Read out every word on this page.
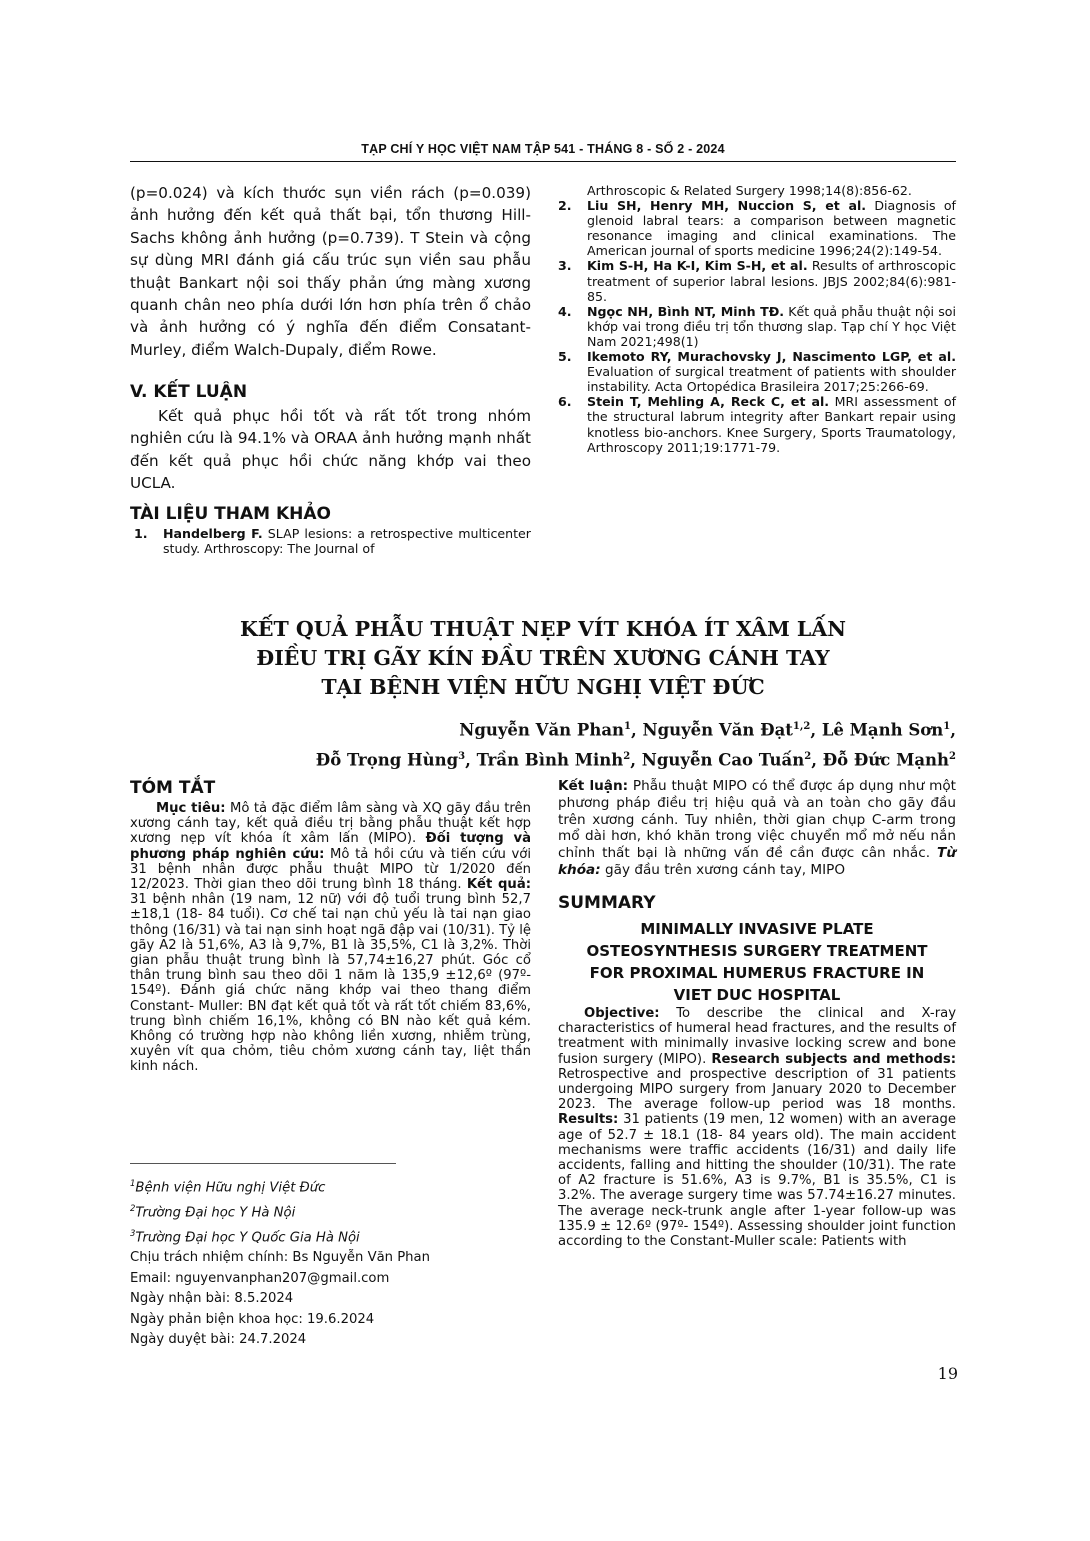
TẠP CHÍ Y HỌC VIỆT NAM TẬP 541 - THÁNG 8 - SỐ 2 - 2024

(p=0.024) và kích thước sụn viền rách (p=0.039) ảnh hưởng đến kết quả thất bại, tổn thương Hill-Sachs không ảnh hưởng (p=0.739). T Stein và cộng sự dùng MRI đánh giá cấu trúc sụn viền sau phẫu thuật Bankart nội soi thấy phản ứng màng xương quanh chân neo phía dưới lớn hơn phía trên ổ chảo và ảnh hưởng có ý nghĩa đến điểm Consatant-Murley, điểm Walch-Dupaly, điểm Rowe.

V. KẾT LUẬN

Kết quả phục hồi tốt và rất tốt trong nhóm nghiên cứu là 94.1% và ORAA ảnh hưởng mạnh nhất đến kết quả phục hồi chức năng khớp vai theo UCLA.

TÀI LIỆU THAM KHẢO
1. Handelberg F. SLAP lesions: a retrospective multicenter study. Arthroscopy: The Journal of
Arthroscopic & Related Surgery 1998;14(8):856-62.
2. Liu SH, Henry MH, Nuccion S, et al. Diagnosis of glenoid labral tears: a comparison between magnetic resonance imaging and clinical examinations. The American journal of sports medicine 1996;24(2):149-54.
3. Kim S-H, Ha K-I, Kim S-H, et al. Results of arthroscopic treatment of superior labral lesions. JBJS 2002;84(6):981-85.
4. Ngọc NH, Bình NT, Minh TĐ. Kết quả phẫu thuật nội soi khớp vai trong điều trị tổn thương slap. Tạp chí Y học Việt Nam 2021;498(1)
5. Ikemoto RY, Murachovsky J, Nascimento LGP, et al. Evaluation of surgical treatment of patients with shoulder instability. Acta Ortopédica Brasileira 2017;25:266-69.
6. Stein T, Mehling A, Reck C, et al. MRI assessment of the structural labrum integrity after Bankart repair using knotless bio-anchors. Knee Surgery, Sports Traumatology, Arthroscopy 2011;19:1771-79.
KẾT QUẢ PHẪU THUẬT NẸP VÍT KHÓA ÍT XÂM LẤN
ĐIỀU TRỊ GÃY KÍN ĐẦU TRÊN XƯƠNG CÁNH TAY
TẠI BỆNH VIỆN HỮU NGHỊ VIỆT ĐỨC
Nguyễn Văn Phan$^1$, Nguyễn Văn Đạt$^{1,2}$, Lê Mạnh Sơn$^1$,
Đỗ Trọng Hùng$^3$, Trần Bình Minh$^2$, Nguyễn Cao Tuấn$^2$, Đỗ Đức Mạnh$^2$
TÓM TẮT

Mục tiêu: Mô tả đặc điểm lâm sàng và XQ gãy đầu trên xương cánh tay, kết quả điều trị bằng phẫu thuật kết hợp xương nẹp vít khóa ít xâm lấn (MIPO). Đối tượng và phương pháp nghiên cứu: Mô tả hồi cứu và tiến cứu với 31 bệnh nhân được phẫu thuật MIPO từ 1/2020 đến 12/2023. Thời gian theo dõi trung bình 18 tháng. Kết quả: 31 bệnh nhân (19 nam, 12 nữ) với độ tuổi trung bình 52,7 ±18,1 (18- 84 tuổi). Cơ chế tai nạn chủ yếu là tai nạn giao thông (16/31) và tai nạn sinh hoạt ngã đập vai (10/31). Tỷ lệ gãy A2 là 51,6%, A3 là 9,7%, B1 là 35,5%, C1 là 3,2%. Thời gian phẫu thuật trung bình là 57,74±16,27 phút. Góc cổ thân trung bình sau theo dõi 1 năm là 135,9 ±12,6º (97º- 154º). Đánh giá chức năng khớp vai theo thang điểm Constant- Muller: BN đạt kết quả tốt và rất tốt chiếm 83,6%, trung bình chiếm 16,1%, không có BN nào kết quả kém. Không có trường hợp nào không liền xương, nhiễm trùng, xuyên vít qua chỏm, tiêu chỏm xương cánh tay, liệt thần kinh nách.

$^1$Bệnh viện Hữu nghị Việt Đức
$^2$Trường Đại học Y Hà Nội
$^3$Trường Đại học Y Quốc Gia Hà Nội
Chịu trách nhiệm chính: Bs Nguyễn Văn Phan
Email: nguyenvanphan207@gmail.com
Ngày nhận bài: 8.5.2024
Ngày phản biện khoa học: 19.6.2024
Ngày duyệt bài: 24.7.2024

Kết luận: Phẫu thuật MIPO có thể được áp dụng như một phương pháp điều trị hiệu quả và an toàn cho gãy đầu trên xương cánh. Tuy nhiên, thời gian chụp C-arm trong mổ dài hơn, khó khăn trong việc chuyển mổ mở nếu nắn chỉnh thất bại là những vấn đề cần được cân nhắc. Từ khóa: gãy đầu trên xương cánh tay, MIPO

SUMMARY
MINIMALLY INVASIVE PLATE
OSTEOSYNTHESIS SURGERY TREATMENT
FOR PROXIMAL HUMERUS FRACTURE IN
VIET DUC HOSPITAL

Objective: To describe the clinical and X-ray characteristics of humeral head fractures, and the results of treatment with minimally invasive locking screw and bone fusion surgery (MIPO). Research subjects and methods: Retrospective and prospective description of 31 patients undergoing MIPO surgery from January 2020 to December 2023. The average follow-up period was 18 months. Results: 31 patients (19 men, 12 women) with an average age of 52.7 ± 18.1 (18- 84 years old). The main accident mechanisms were traffic accidents (16/31) and daily life accidents, falling and hitting the shoulder (10/31). The rate of A2 fracture is 51.6%, A3 is 9.7%, B1 is 35.5%, C1 is 3.2%. The average surgery time was 57.74±16.27 minutes. The average neck-trunk angle after 1-year follow-up was 135.9 ± 12.6º (97º- 154º). Assessing shoulder joint function according to the Constant-Muller scale: Patients with

19
